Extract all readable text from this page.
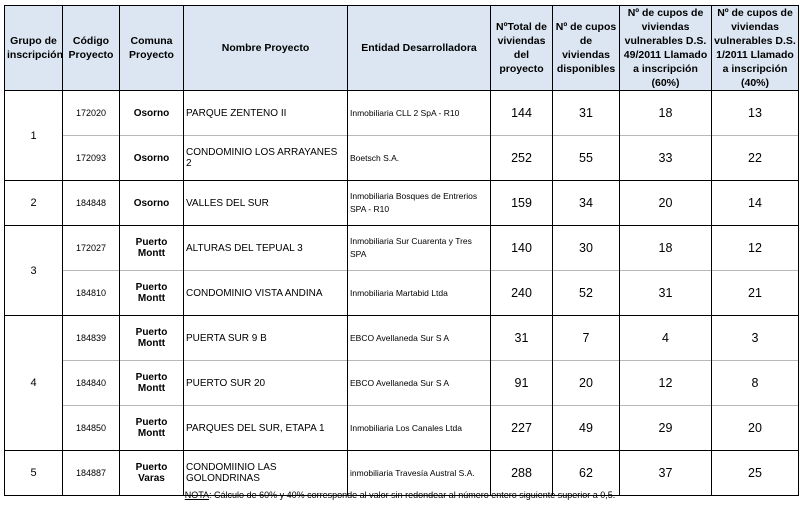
Grupo de inscripción	Código Proyecto	Comuna Proyecto	Nombre Proyecto	Entidad Desarrolladora	NºTotal de viviendas del proyecto	Nº de cupos de viviendas disponibles	Nº de cupos de viviendas vulnerables D.S. 49/2011 Llamado a inscripción (60%)	Nº de cupos de viviendas vulnerables D.S. 1/2011 Llamado a inscripción (40%)
1	172020	Osorno	PARQUE ZENTENO II	Inmobiliaria CLL 2 SpA - R10	144	31	18	13
	172093	Osorno	CONDOMINIO LOS ARRAYANES 2	Boetsch S.A.	252	55	33	22
2	184848	Osorno	VALLES DEL SUR	Inmobiliaria Bosques de Entrerios SPA - R10	159	34	20	14
3	172027	Puerto Montt	ALTURAS DEL TEPUAL 3	Inmobiliaria Sur Cuarenta y Tres SPA	140	30	18	12
	184810	Puerto Montt	CONDOMINIO VISTA ANDINA	Inmobiliaria Martabid Ltda	240	52	31	21
4	184839	Puerto Montt	PUERTA SUR 9 B	EBCO Avellaneda Sur S A	31	7	4	3
	184840	Puerto Montt	PUERTO SUR 20	EBCO Avellaneda Sur S A	91	20	12	8
	184850	Puerto Montt	PARQUES DEL SUR, ETAPA 1	Inmobiliaria Los Canales Ltda	227	49	29	20
5	184887	Puerto Varas	CONDOMIINIO LAS GOLONDRINAS	inmobiliaria Travesía Austral S.A.	288	62	37	25
NOTA: Cálculo de 60% y 40% corresponde al valor sin redondear al número entero siguiente superior a 0,5.
